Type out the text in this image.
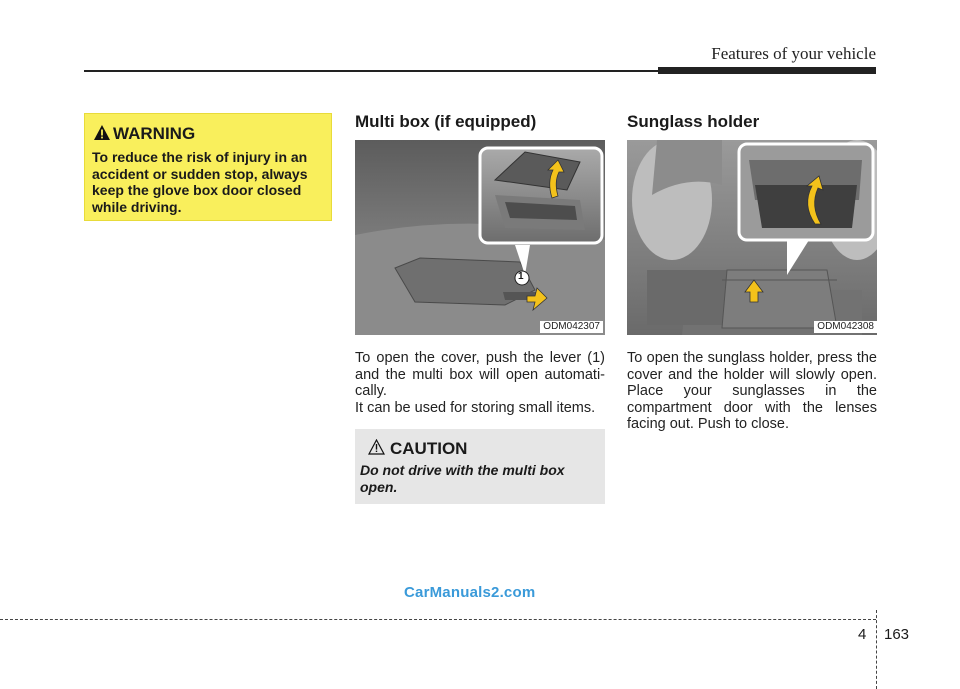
Features of your vehicle
WARNING
To reduce the risk of injury in an accident or sudden stop, always keep the glove box door closed while driving.
Multi box (if equipped)
1
ODM042307
To open the cover, push the lever (1) and the multi box will open automati-cally.
It can be used for storing small items.
CAUTION
Do not drive with the multi box open.
Sunglass holder
ODM042308
To open the sunglass holder, press the cover and the holder will slowly open. Place your sunglasses in the compartment door with the lenses facing out. Push to close.
CarManuals2.com
4 163
